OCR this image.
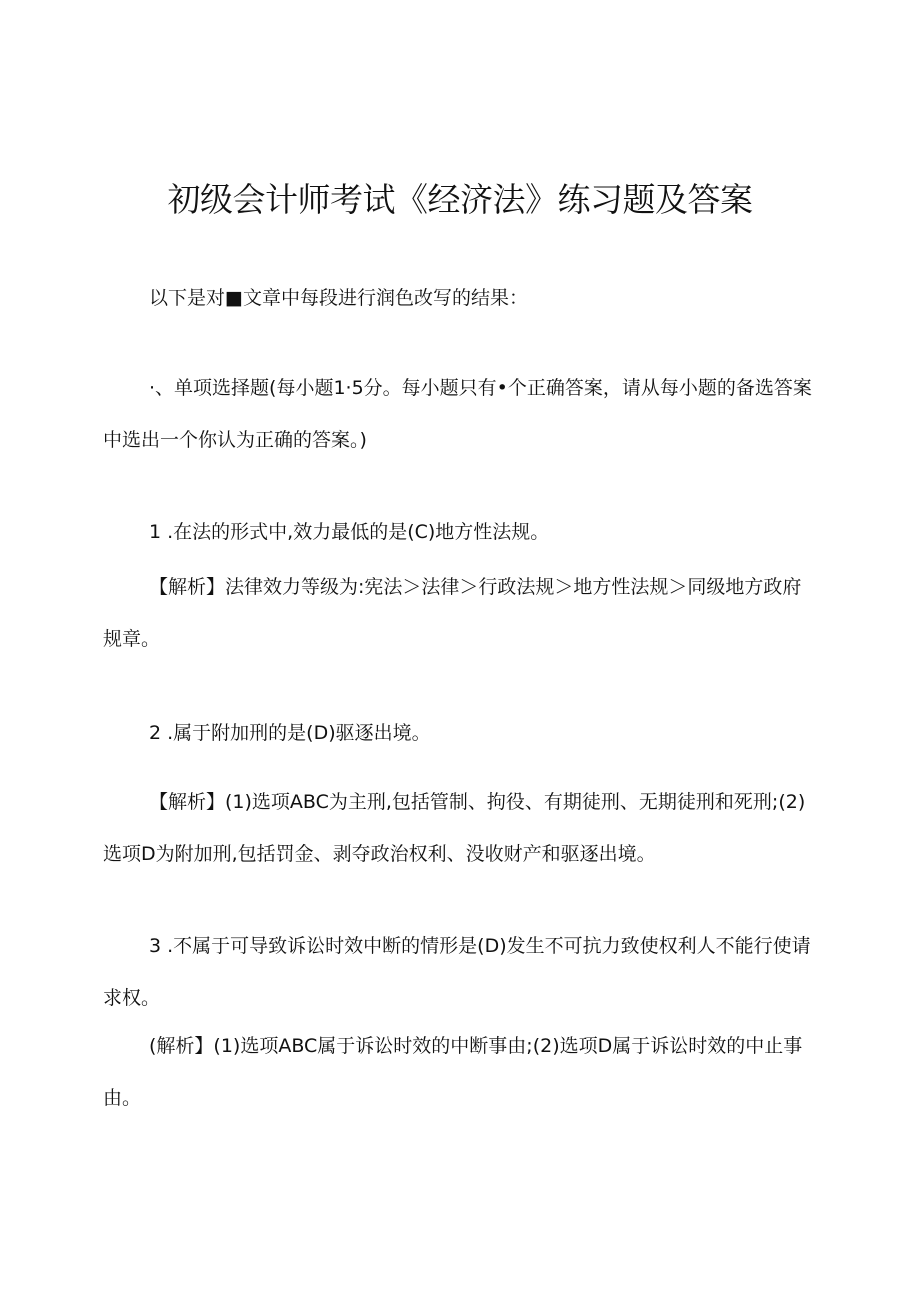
初级会计师考试《经济法》练习题及答案

以下是对■文章中每段进行润色改写的结果：

·、单项选择题(每小题1·5分。每小题只有•个正确答案，请从每小题的备选答案中选出一个你认为正确的答案。)

1 .在法的形式中,效力最低的是(C)地方性法规。

【解析】法律效力等级为:宪法＞法律＞行政法规＞地方性法规＞同级地方政府规章。

2 .属于附加刑的是(D)驱逐出境。

【解析】(1)选项ABC为主刑,包括管制、拘役、有期徒刑、无期徒刑和死刑;(2)选项D为附加刑,包括罚金、剥夺政治权利、没收财产和驱逐出境。

3 .不属于可导致诉讼时效中断的情形是(D)发生不可抗力致使权利人不能行使请求权。

(解析】(1)选项ABC属于诉讼时效的中断事由;(2)选项D属于诉讼时效的中止事由。
